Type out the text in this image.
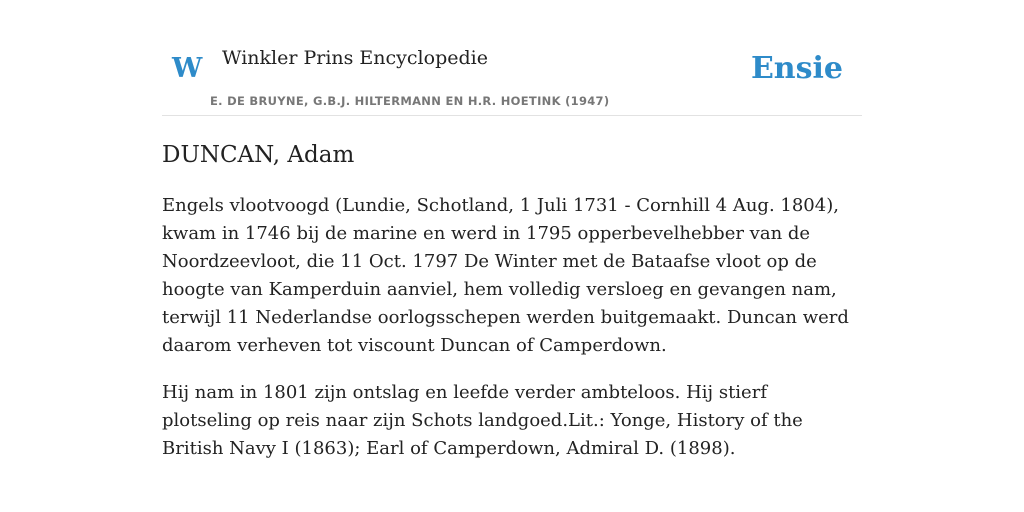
W Winkler Prins Encyclopedie
E. DE BRUYNE, G.B.J. HILTERMANN EN H.R. HOETINK (1947)
Ensie
DUNCAN, Adam

Engels vlootvoogd (Lundie, Schotland, 1 Juli 1731 - Cornhill 4 Aug. 1804), kwam in 1746 bij de marine en werd in 1795 opperbevelhebber van de Noordzeevloot, die 11 Oct. 1797 De Winter met de Bataafse vloot op de hoogte van Kamperduin aanviel, hem volledig versloeg en gevangen nam, terwijl 11 Nederlandse oorlogsschepen werden buitgemaakt. Duncan werd daarom verheven tot viscount Duncan of Camperdown.

Hij nam in 1801 zijn ontslag en leefde verder ambteloos. Hij stierf plotseling op reis naar zijn Schots landgoed.Lit.: Yonge, History of the British Navy I (1863); Earl of Camperdown, Admiral D. (1898).
